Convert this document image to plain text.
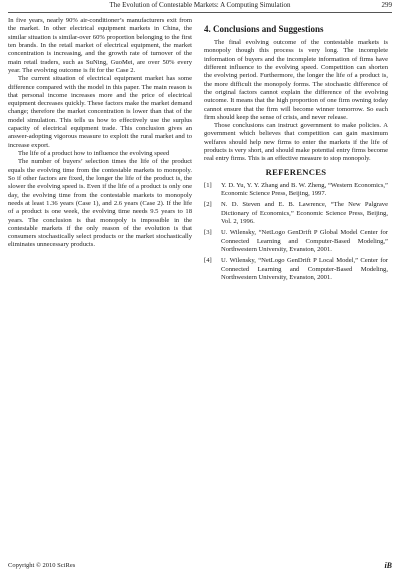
The Evolution of Contestable Markets: A Computing Simulation	299

In five years, nearly 90% air-conditioner’s manufacturers exit from the market. In other electrical equipment markets in China, the similar situation is similar-over 60% proportion belonging to the first ten brands. In the retail market of electrical equipment, the market concentration is increasing, and the growth rate of turnover of the main retail traders, such as SuNing, GuoMei, are over 50% every year. The evolving outcome is fit for the Case 2.

The current situation of electrical equipment market has some difference compared with the model in this paper. The main reason is that personal income increases more and the price of electrical equipment decreases quickly. These factors make the market demand change; therefore the market concentration is lower than that of the model simulation. This tells us how to effectively use the surplus capacity of electrical equipment trade. This conclusion gives an answer-adopting vigorous measure to exploit the rural market and to increase export.

The life of a product how to influence the evolving speed

The number of buyers’ selection times the life of the product equals the evolving time from the contestable markets to monopoly. So if other factors are fixed, the longer the life of the product is, the slower the evolving speed is. Even if the life of a product is only one day, the evolving time from the contestable markets to monopoly needs at least 1.36 years (Case 1), and 2.6 years (Case 2). If the life of a product is one week, the evolving time needs 9.5 years to 18 years. The conclusion is that monopoly is impossible in the contestable markets if the only reason of the evolution is that consumers stochastically select products or the market stochastically eliminates unnecessary products.

4. Conclusions and Suggestions

The final evolving outcome of the contestable markets is monopoly though this process is very long. The incomplete information of buyers and the incomplete information of firms have different influence to the evolving speed. Competition can shorten the evolving period. Furthermore, the longer the life of a product is, the more difficult the monopoly forms. The stochastic difference of the original factors cannot explain the difference of the evolving outcome. It means that the high proportion of one firm owning today cannot ensure that the firm will become winner tomorrow. So each firm should keep the sense of crisis, and never release.

Those conclusions can instruct government to make policies. A government which believes that competition can gain maximum welfares should help new firms to enter the markets if the life of products is very short, and should make potential entry firms become real entry firms. This is an effective measure to stop monopoly.

REFERENCES
[1]	Y. D. Yu, Y. Y. Zhang and B. W. Zheng, “Western Economics,” Economic Science Press, Beijing, 1997.
[2]	N. D. Steven and E. B. Lawrence, “The New Palgrave Dictionary of Economics,” Economic Science Press, Beijing, Vol. 2, 1996.
[3]	U. Wilensky, “NetLogo GenDrift P Global Model Center for Connected Learning and Computer-Based Modeling,” Northwestern University, Evanston, 2001.
[4]	U. Wilensky, “NetLogo GenDrift P Local Model,” Center for Connected Learning and Computer-Based Modeling, Northwestern University, Evanston, 2001.
Copyright © 2010 SciRes	iB
